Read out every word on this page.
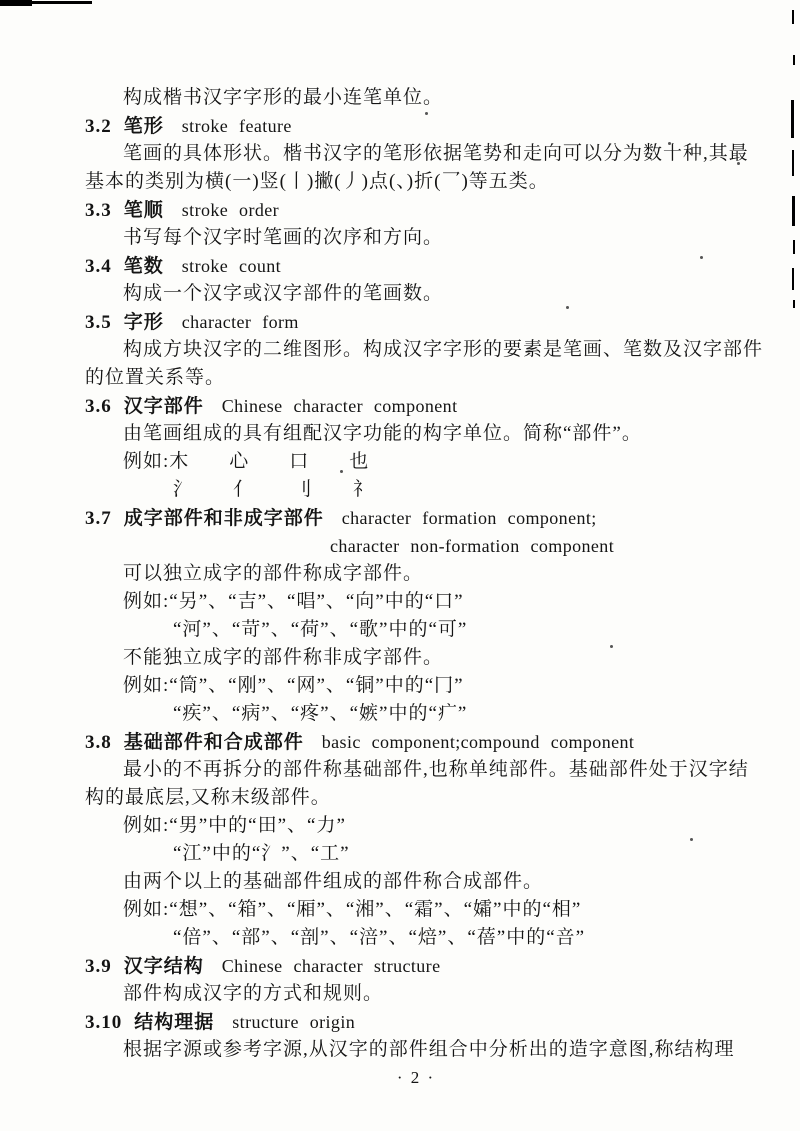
构成楷书汉字字形的最小连笔单位。
3.2 笔形 stroke feature
笔画的具体形状。楷书汉字的笔形依据笔势和走向可以分为数十种,其最
基本的类别为横(一)竖(丨)撇(丿)点(、)折(乛)等五类。
3.3 笔顺 stroke order
书写每个汉字时笔画的次序和方向。
3.4 笔数 stroke count
构成一个汉字或汉字部件的笔画数。
3.5 字形 character form
构成方块汉字的二维图形。构成汉字字形的要素是笔画、笔数及汉字部件
的位置关系等。
3.6 汉字部件 Chinese character component
由笔画组成的具有组配汉字功能的构字单位。简称“部件”。
例如:木　　心　　口　　也
氵　　亻　　刂　　礻
3.7 成字部件和非成字部件 character formation component;
character non-formation component
可以独立成字的部件称成字部件。
例如:“另”、“吉”、“唱”、“向”中的“口”
“河”、“苛”、“荷”、“歌”中的“可”
不能独立成字的部件称非成字部件。
例如:“筒”、“刚”、“网”、“铜”中的“冂”
“疾”、“病”、“疼”、“嫉”中的“疒”
3.8 基础部件和合成部件 basic component;compound component
最小的不再拆分的部件称基础部件,也称单纯部件。基础部件处于汉字结
构的最底层,又称末级部件。
例如:“男”中的“田”、“力”
“江”中的“氵”、“工”
由两个以上的基础部件组成的部件称合成部件。
例如:“想”、“箱”、“厢”、“湘”、“霜”、“孀”中的“相”
“倍”、“部”、“剖”、“涪”、“焙”、“蓓”中的“咅”
3.9 汉字结构 Chinese character structure
部件构成汉字的方式和规则。
3.10 结构理据 structure origin
根据字源或参考字源,从汉字的部件组合中分析出的造字意图,称结构理
· 2 ·
